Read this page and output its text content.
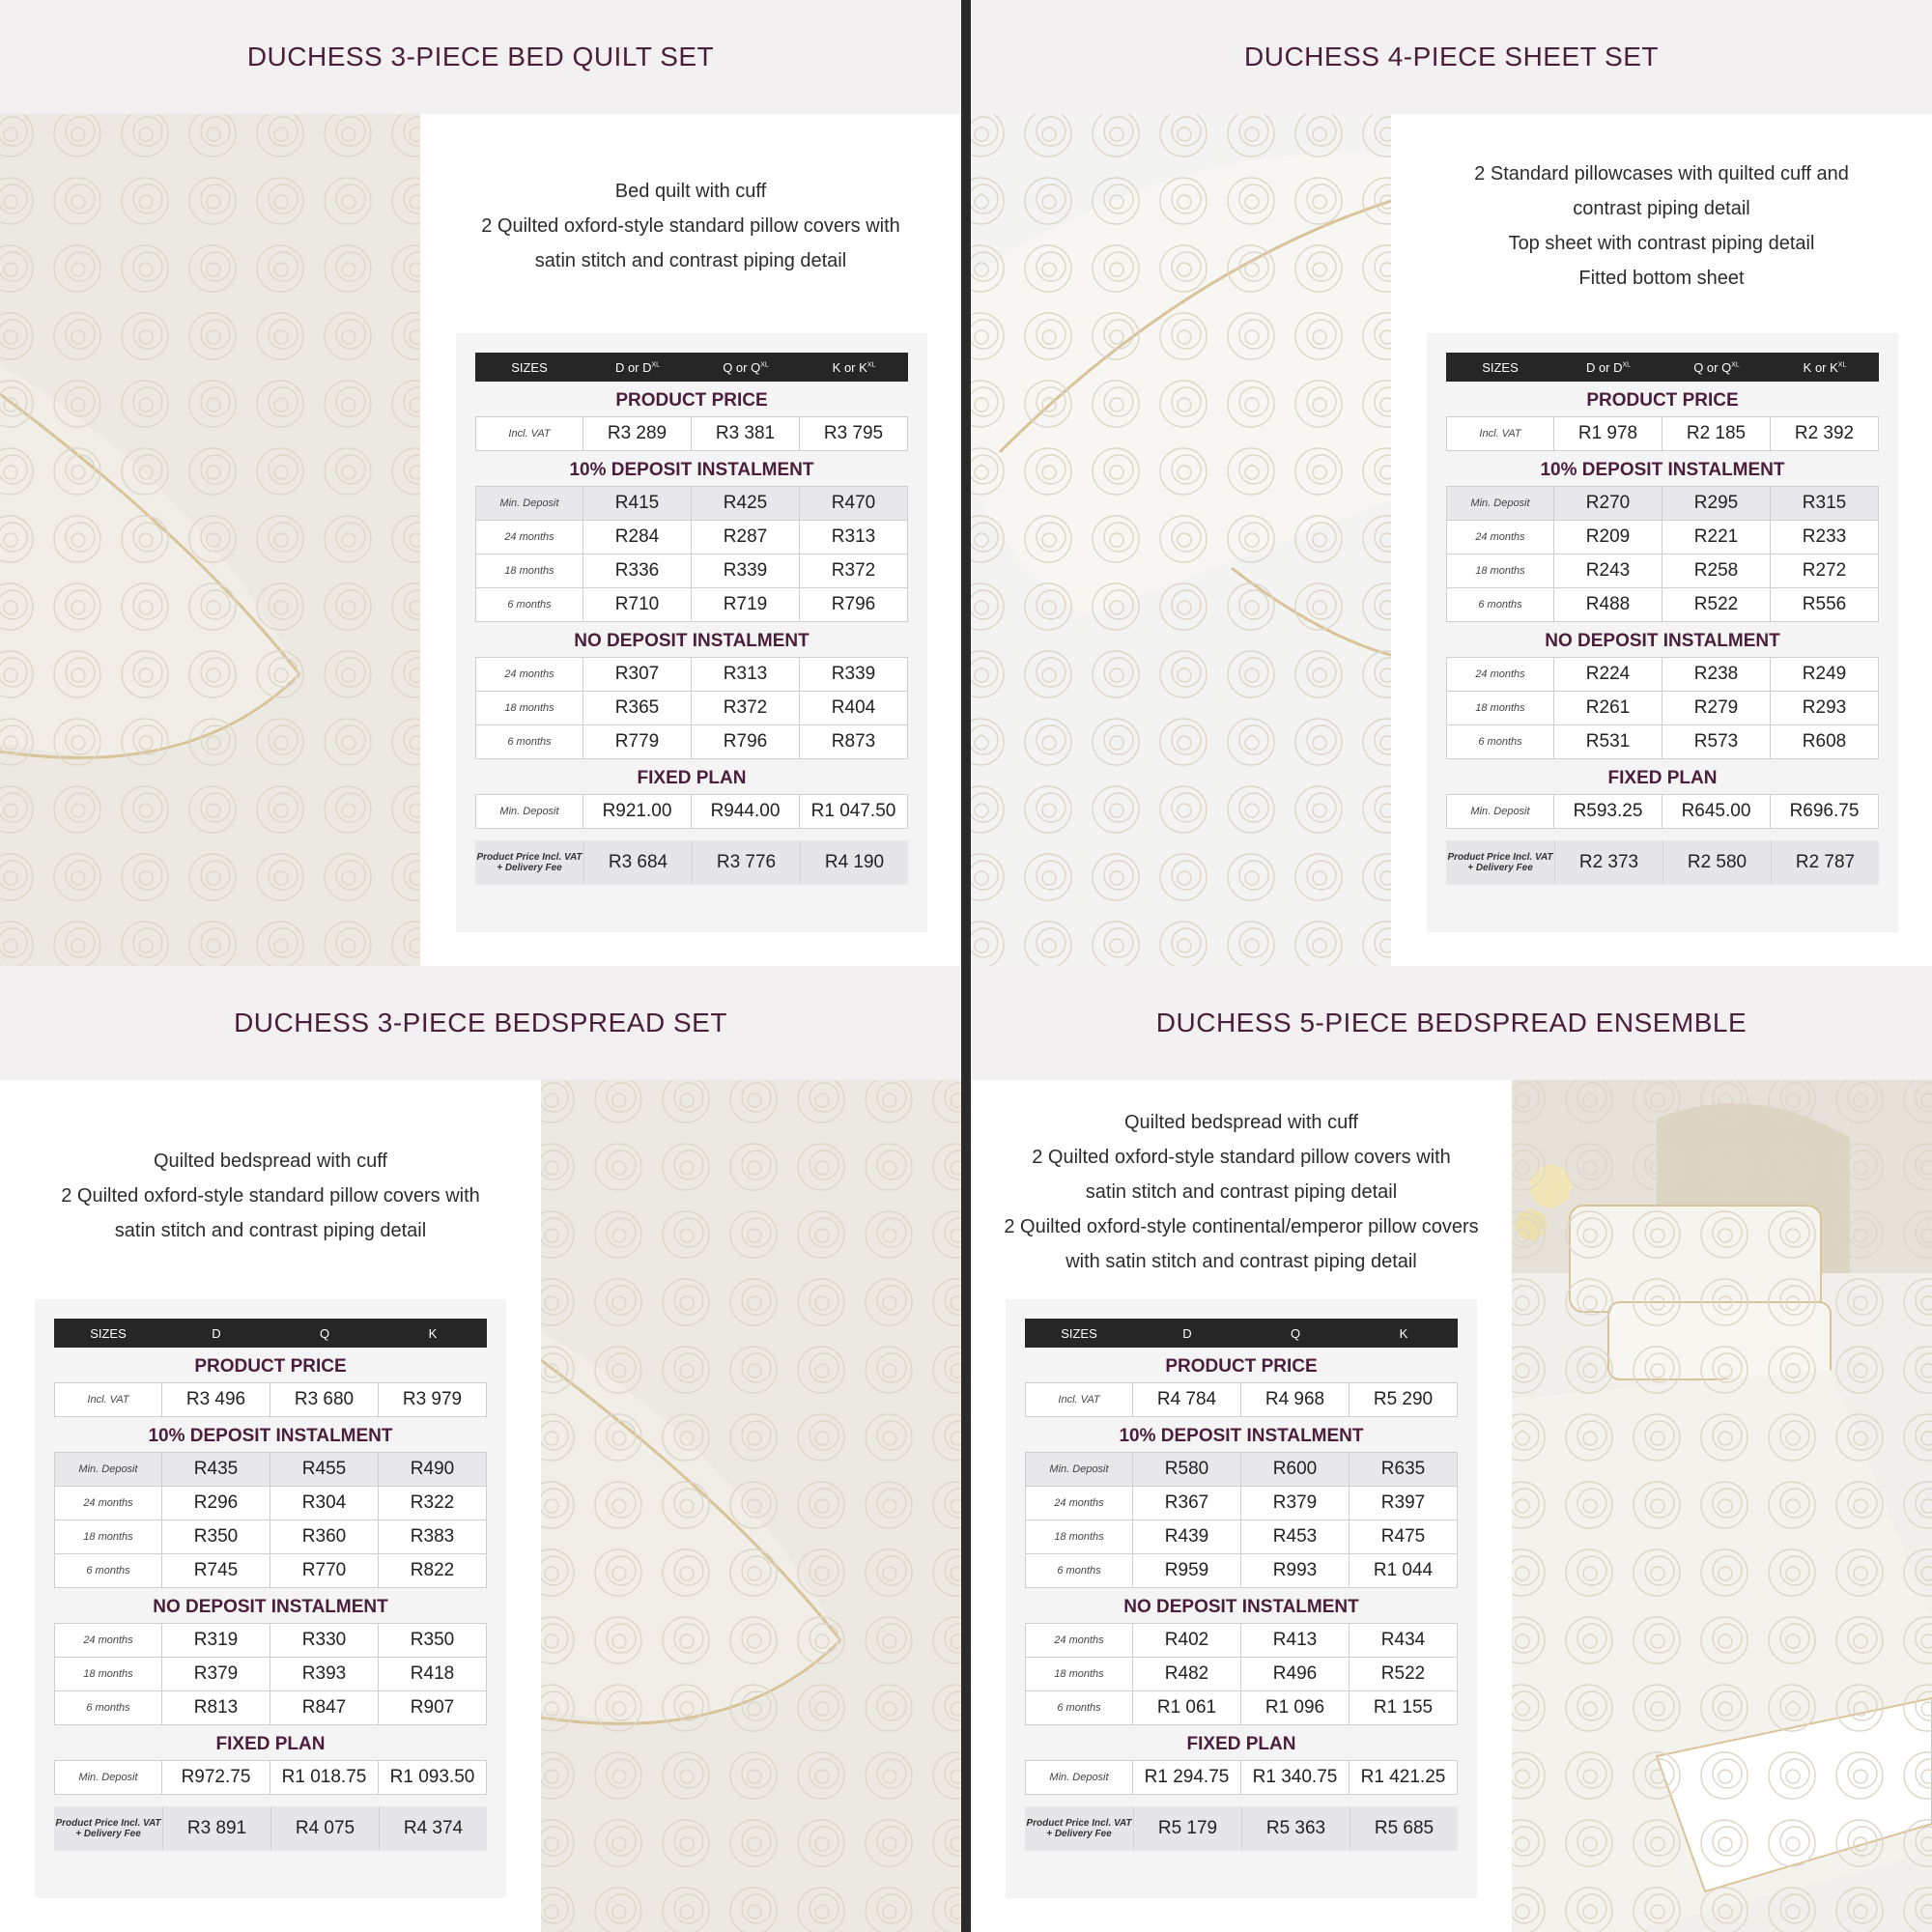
DUCHESS 3-PIECE BED QUILT SET
Bed quilt with cuff
2 Quilted oxford-style standard pillow covers with
satin stitch and contrast piping detail
SIZES	D or $D^{XL}$	Q or $Q^{XL}$	K or $K^{XL}$
PRODUCT PRICE
Incl. VAT	R3 289	R3 381	R3 795
10% DEPOSIT INSTALMENT
Min. Deposit	R415	R425	R470
24 months	R284	R287	R313
18 months	R336	R339	R372
6 months	R710	R719	R796
NO DEPOSIT INSTALMENT
24 months	R307	R313	R339
18 months	R365	R372	R404
6 months	R779	R796	R873
FIXED PLAN
Min. Deposit	R921.00	R944.00	R1 047.50
Product Price Incl. VAT + Delivery Fee	R3 684	R3 776	R4 190
DUCHESS 4-PIECE SHEET SET
2 Standard pillowcases with quilted cuff and
contrast piping detail
Top sheet with contrast piping detail
Fitted bottom sheet
SIZES	D or $D^{XL}$	Q or $Q^{XL}$	K or $K^{XL}$
PRODUCT PRICE
Incl. VAT	R1 978	R2 185	R2 392
10% DEPOSIT INSTALMENT
Min. Deposit	R270	R295	R315
24 months	R209	R221	R233
18 months	R243	R258	R272
6 months	R488	R522	R556
NO DEPOSIT INSTALMENT
24 months	R224	R238	R249
18 months	R261	R279	R293
6 months	R531	R573	R608
FIXED PLAN
Min. Deposit	R593.25	R645.00	R696.75
Product Price Incl. VAT + Delivery Fee	R2 373	R2 580	R2 787
DUCHESS 3-PIECE BEDSPREAD SET
Quilted bedspread with cuff
2 Quilted oxford-style standard pillow covers with
satin stitch and contrast piping detail
SIZES	D	Q	K
PRODUCT PRICE
Incl. VAT	R3 496	R3 680	R3 979
10% DEPOSIT INSTALMENT
Min. Deposit	R435	R455	R490
24 months	R296	R304	R322
18 months	R350	R360	R383
6 months	R745	R770	R822
NO DEPOSIT INSTALMENT
24 months	R319	R330	R350
18 months	R379	R393	R418
6 months	R813	R847	R907
FIXED PLAN
Min. Deposit	R972.75	R1 018.75	R1 093.50
Product Price Incl. VAT + Delivery Fee	R3 891	R4 075	R4 374
DUCHESS 5-PIECE BEDSPREAD ENSEMBLE
Quilted bedspread with cuff
2 Quilted oxford-style standard pillow covers with
satin stitch and contrast piping detail
2 Quilted oxford-style continental/emperor pillow covers
with satin stitch and contrast piping detail
SIZES	D	Q	K
PRODUCT PRICE
Incl. VAT	R4 784	R4 968	R5 290
10% DEPOSIT INSTALMENT
Min. Deposit	R580	R600	R635
24 months	R367	R379	R397
18 months	R439	R453	R475
6 months	R959	R993	R1 044
NO DEPOSIT INSTALMENT
24 months	R402	R413	R434
18 months	R482	R496	R522
6 months	R1 061	R1 096	R1 155
FIXED PLAN
Min. Deposit	R1 294.75	R1 340.75	R1 421.25
Product Price Incl. VAT + Delivery Fee	R5 179	R5 363	R5 685
